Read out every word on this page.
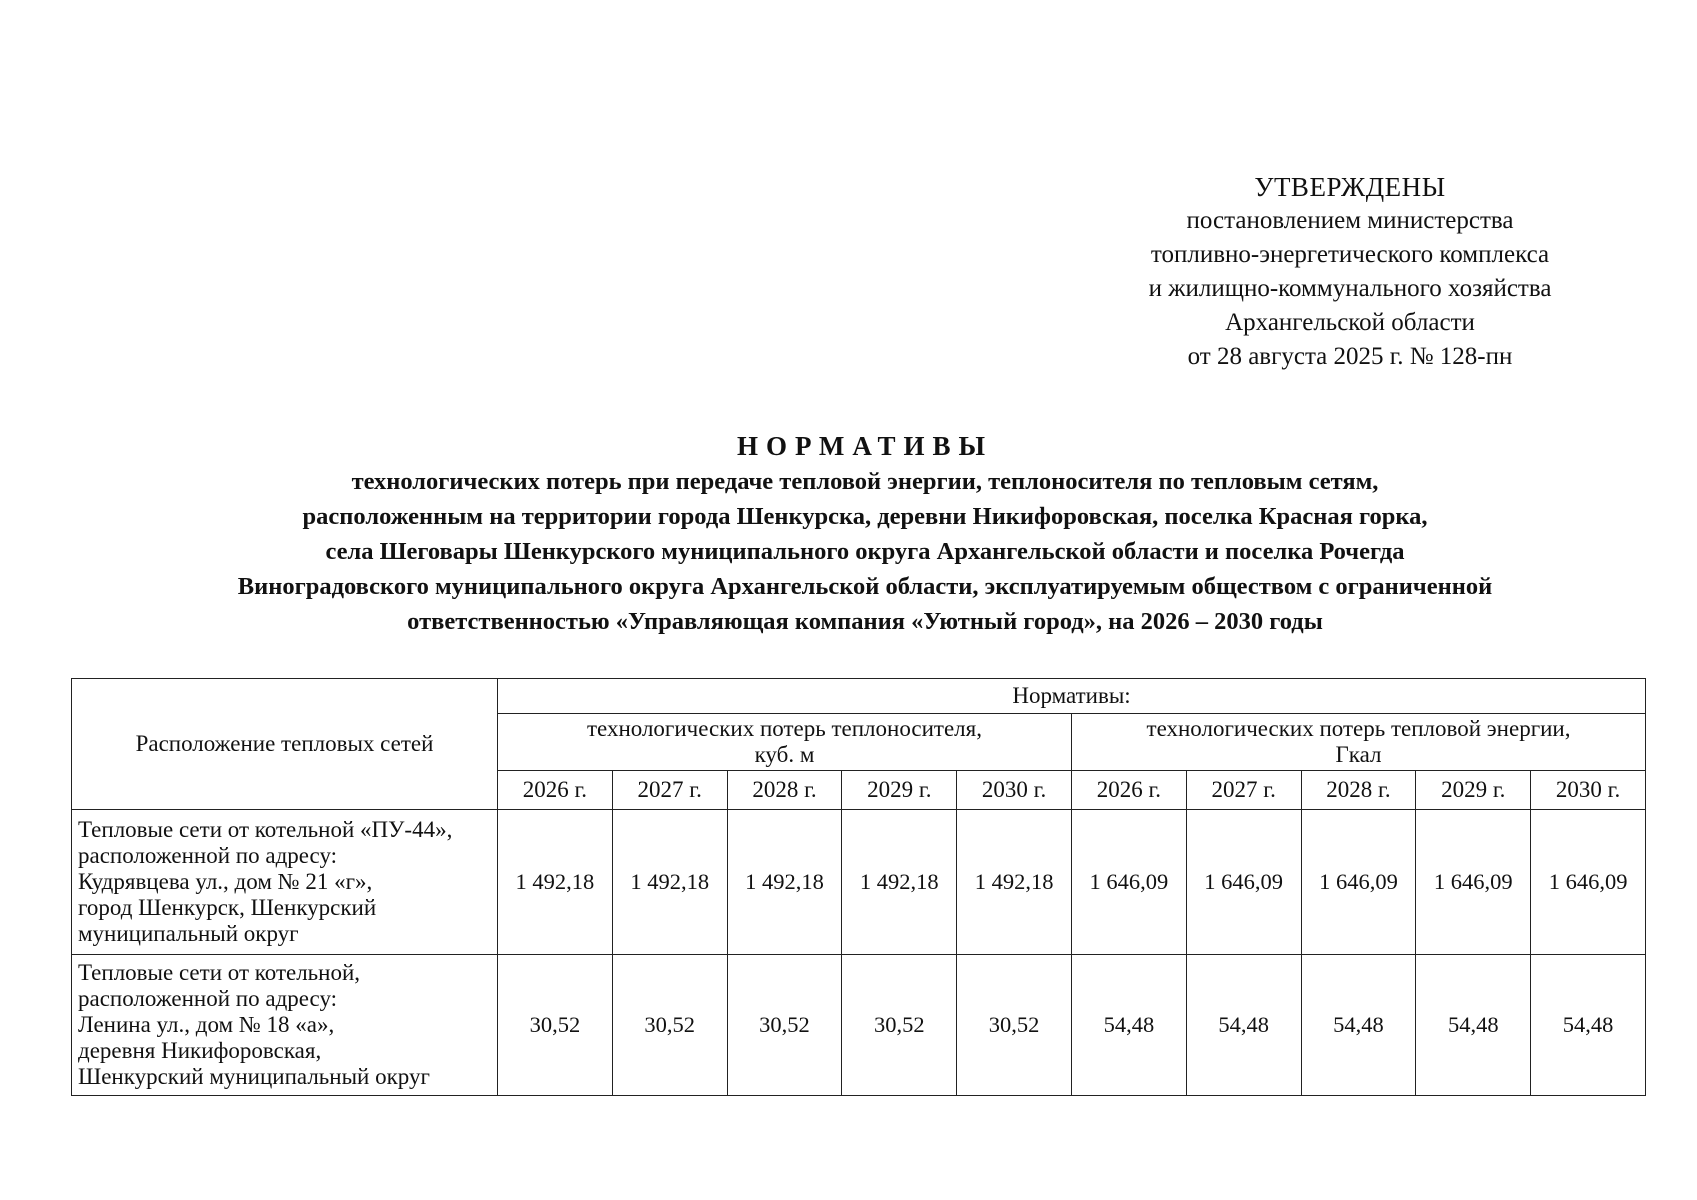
УТВЕРЖДЕНЫ
постановлением министерства
топливно-энергетического комплекса
и жилищно-коммунального хозяйства
Архангельской области
от 28 августа 2025 г. № 128-пн
НОРМАТИВЫ
технологических потерь при передаче тепловой энергии, теплоносителя по тепловым сетям,
расположенным на территории города Шенкурска, деревни Никифоровская, поселка Красная горка,
села Шеговары Шенкурского муниципального округа Архангельской области и поселка Рочегда
Виноградовского муниципального округа Архангельской области, эксплуатируемым обществом с ограниченной
ответственностью «Управляющая компания «Уютный город», на 2026 – 2030 годы
Расположение тепловых сетей	Нормативы:									

	технологических потерь теплоносителя,
куб. м					технологических потерь тепловой энергии,
Гкал				

	2026 г.	2027 г.	2028 г.	2029 г.	2030 г.	2026 г.	2027 г.	2028 г.	2029 г.	2030 г.

Тепловые сети от котельной «ПУ-44»,
расположенной по адресу:
Кудрявцева ул., дом № 21 «г»,
город Шенкурск, Шенкурский
муниципальный округ	1 492,18	1 492,18	1 492,18	1 492,18	1 492,18	1 646,09	1 646,09	1 646,09	1 646,09	1 646,09

Тепловые сети от котельной,
расположенной по адресу:
Ленина ул., дом № 18 «а»,
деревня Никифоровская,
Шенкурский муниципальный округ	30,52	30,52	30,52	30,52	30,52	54,48	54,48	54,48	54,48	54,48
